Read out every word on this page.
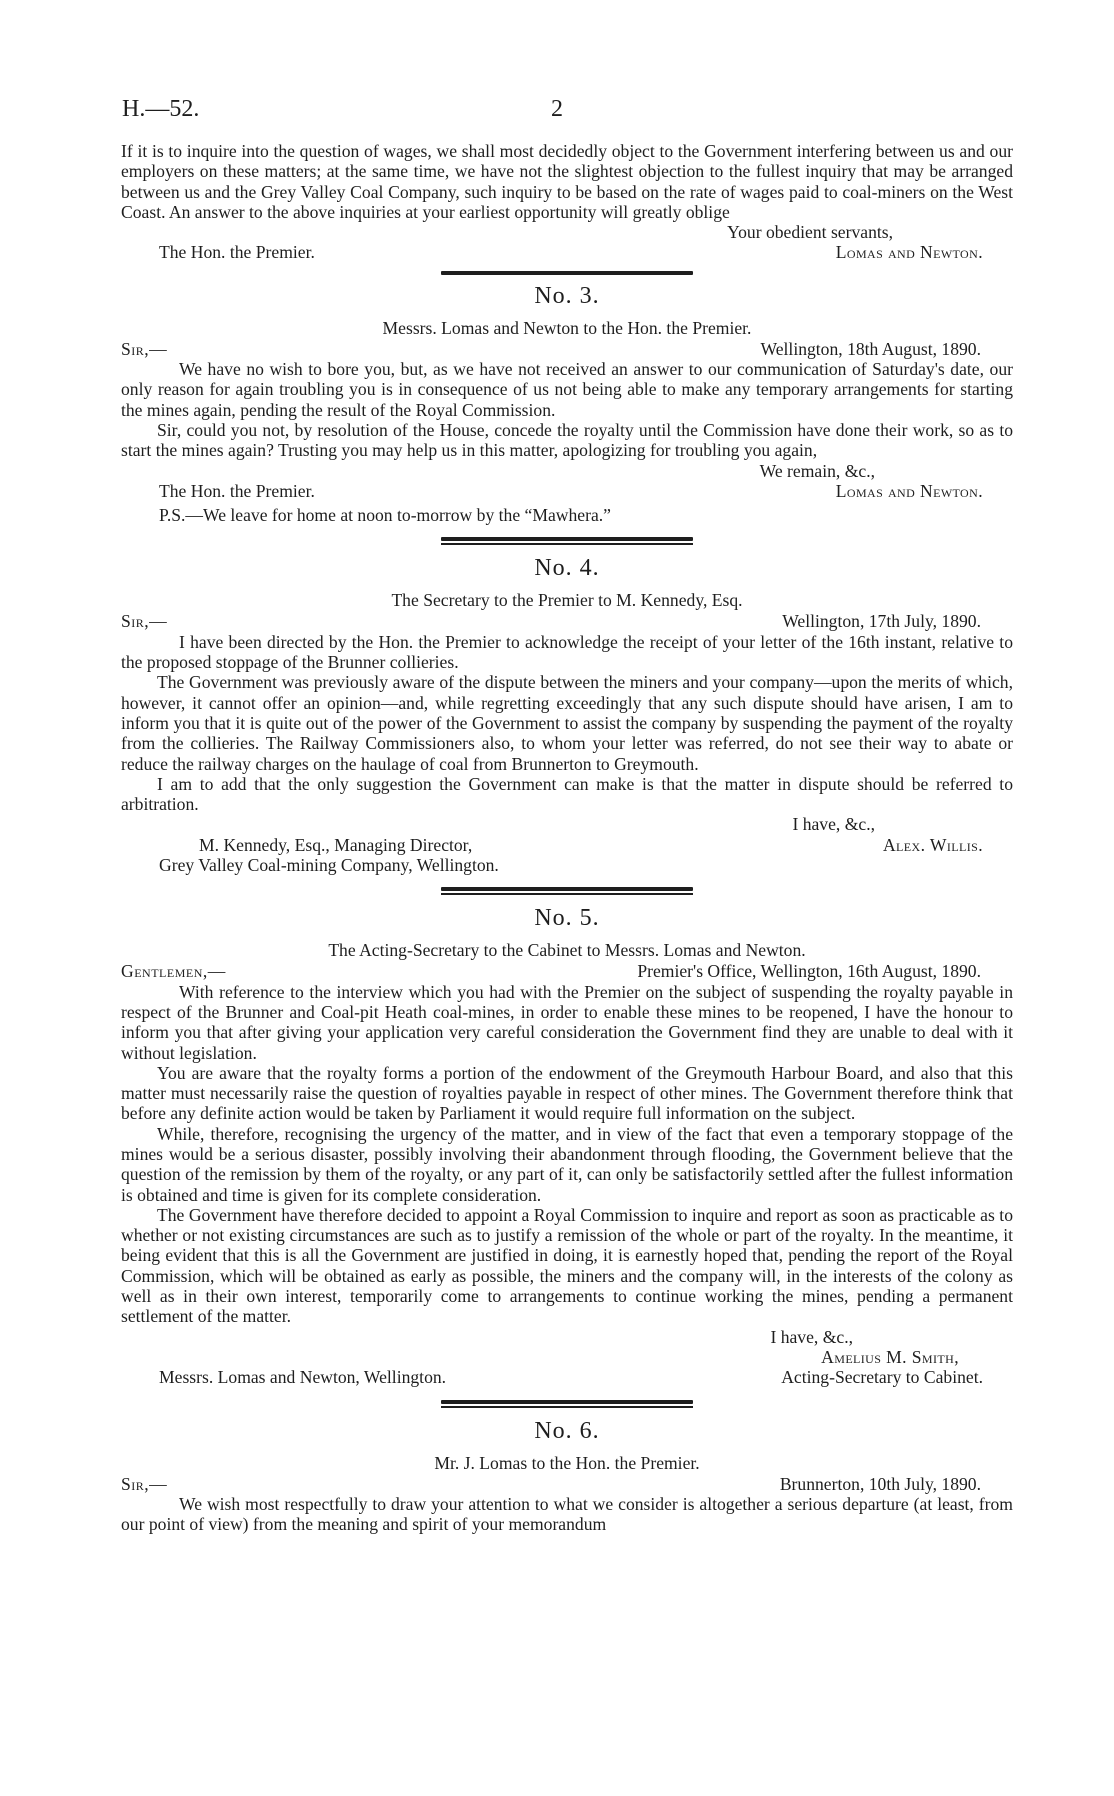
H.—52.	2

If it is to inquire into the question of wages, we shall most decidedly object to the Government interfering between us and our employers on these matters; at the same time, we have not the slightest objection to the fullest inquiry that may be arranged between us and the Grey Valley Coal Company, such inquiry to be based on the rate of wages paid to coal-miners on the West Coast. An answer to the above inquiries at your earliest opportunity will greatly oblige

Your obedient servants,
The Hon. the Premier.	Lomas and Newton.
No. 3.
Messrs. Lomas and Newton to the Hon. the Premier.
Sir,—	Wellington, 18th August, 1890.

We have no wish to bore you, but, as we have not received an answer to our communication of Saturday's date, our only reason for again troubling you is in consequence of us not being able to make any temporary arrangements for starting the mines again, pending the result of the Royal Commission.

Sir, could you not, by resolution of the House, concede the royalty until the Commission have done their work, so as to start the mines again? Trusting you may help us in this matter, apologizing for troubling you again,

We remain, &c.,
The Hon. the Premier.	Lomas and Newton.
P.S.—We leave for home at noon to-morrow by the “Mawhera.”
No. 4.
The Secretary to the Premier to M. Kennedy, Esq.
Sir,—	Wellington, 17th July, 1890.

I have been directed by the Hon. the Premier to acknowledge the receipt of your letter of the 16th instant, relative to the proposed stoppage of the Brunner collieries.

The Government was previously aware of the dispute between the miners and your company—upon the merits of which, however, it cannot offer an opinion—and, while regretting exceedingly that any such dispute should have arisen, I am to inform you that it is quite out of the power of the Government to assist the company by suspending the payment of the royalty from the collieries. The Railway Commissioners also, to whom your letter was referred, do not see their way to abate or reduce the railway charges on the haulage of coal from Brunnerton to Greymouth.

I am to add that the only suggestion the Government can make is that the matter in dispute should be referred to arbitration.

I have, &c.,
M. Kennedy, Esq., Managing Director,	Alex. Willis.
Grey Valley Coal-mining Company, Wellington.
No. 5.
The Acting-Secretary to the Cabinet to Messrs. Lomas and Newton.
Gentlemen,—	Premier's Office, Wellington, 16th August, 1890.

With reference to the interview which you had with the Premier on the subject of suspending the royalty payable in respect of the Brunner and Coal-pit Heath coal-mines, in order to enable these mines to be reopened, I have the honour to inform you that after giving your application very careful consideration the Government find they are unable to deal with it without legislation.

You are aware that the royalty forms a portion of the endowment of the Greymouth Harbour Board, and also that this matter must necessarily raise the question of royalties payable in respect of other mines. The Government therefore think that before any definite action would be taken by Parliament it would require full information on the subject.

While, therefore, recognising the urgency of the matter, and in view of the fact that even a temporary stoppage of the mines would be a serious disaster, possibly involving their abandonment through flooding, the Government believe that the question of the remission by them of the royalty, or any part of it, can only be satisfactorily settled after the fullest information is obtained and time is given for its complete consideration.

The Government have therefore decided to appoint a Royal Commission to inquire and report as soon as practicable as to whether or not existing circumstances are such as to justify a remission of the whole or part of the royalty. In the meantime, it being evident that this is all the Government are justified in doing, it is earnestly hoped that, pending the report of the Royal Commission, which will be obtained as early as possible, the miners and the company will, in the interests of the colony as well as in their own interest, temporarily come to arrangements to continue working the mines, pending a permanent settlement of the matter.

I have, &c.,
Amelius M. Smith,
Messrs. Lomas and Newton, Wellington.	Acting-Secretary to Cabinet.
No. 6.
Mr. J. Lomas to the Hon. the Premier.
Sir,—	Brunnerton, 10th July, 1890.

We wish most respectfully to draw your attention to what we consider is altogether a serious departure (at least, from our point of view) from the meaning and spirit of your memorandum
